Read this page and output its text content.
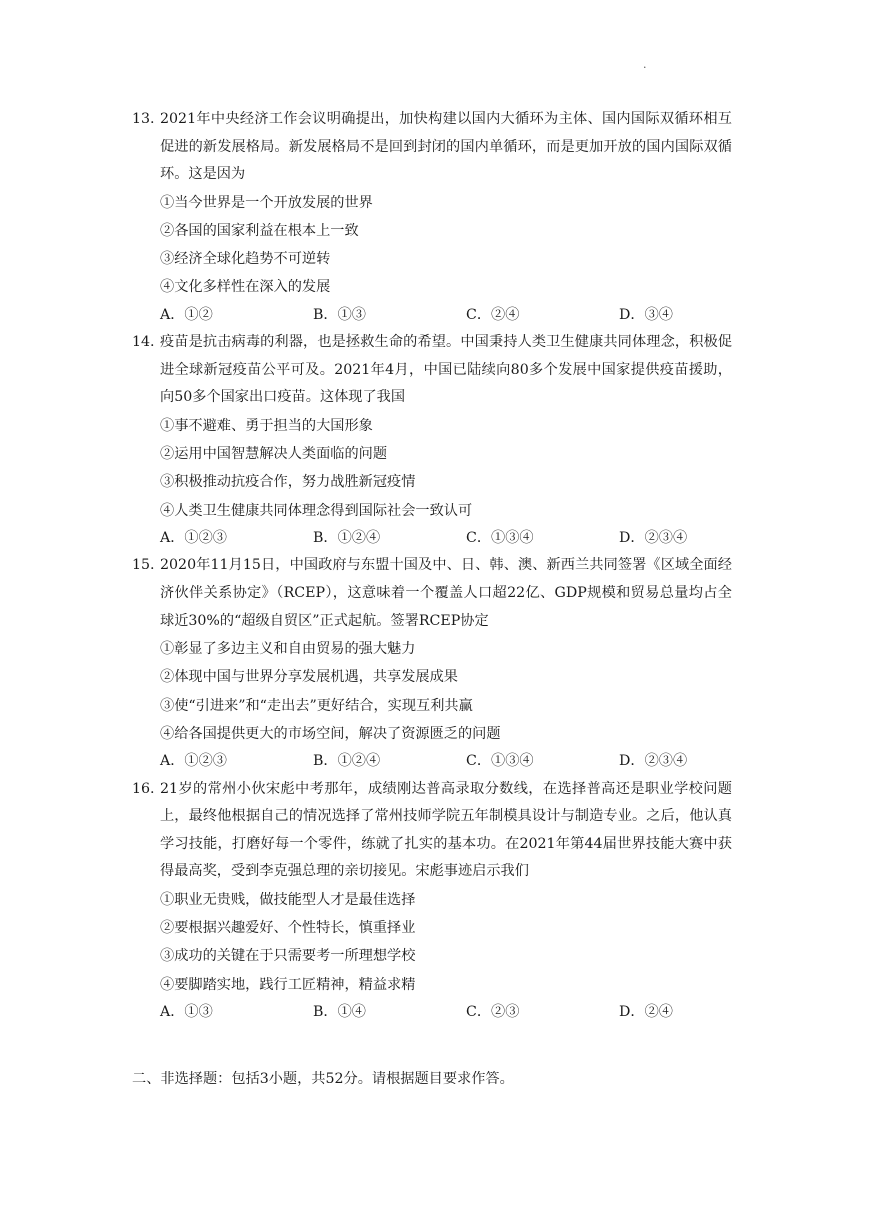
.
13. 2021年中央经济工作会议明确提出，加快构建以国内大循环为主体、国内国际双循环相互促进的新发展格局。新发展格局不是回到封闭的国内单循环，而是更加开放的国内国际双循环。这是因为
①当今世界是一个开放发展的世界
②各国的国家利益在根本上一致
③经济全球化趋势不可逆转
④文化多样性在深入的发展
A．①②	B．①③	C．②④	D．③④
14. 疫苗是抗击病毒的利器，也是拯救生命的希望。中国秉持人类卫生健康共同体理念，积极促进全球新冠疫苗公平可及。2021年4月，中国已陆续向80多个发展中国家提供疫苗援助，向50多个国家出口疫苗。这体现了我国
①事不避难、勇于担当的大国形象
②运用中国智慧解决人类面临的问题
③积极推动抗疫合作，努力战胜新冠疫情
④人类卫生健康共同体理念得到国际社会一致认可
A．①②③	B．①②④	C．①③④	D．②③④
15. 2020年11月15日，中国政府与东盟十国及中、日、韩、澳、新西兰共同签署《区域全面经济伙伴关系协定》（RCEP），这意味着一个覆盖人口超22亿、GDP规模和贸易总量均占全球近30%的“超级自贸区”正式起航。签署RCEP协定
①彰显了多边主义和自由贸易的强大魅力
②体现中国与世界分享发展机遇，共享发展成果
③使“引进来”和“走出去”更好结合，实现互利共赢
④给各国提供更大的市场空间，解决了资源匮乏的问题
A．①②③	B．①②④	C．①③④	D．②③④
16. 21岁的常州小伙宋彪中考那年，成绩刚达普高录取分数线，在选择普高还是职业学校问题上，最终他根据自己的情况选择了常州技师学院五年制模具设计与制造专业。之后，他认真学习技能，打磨好每一个零件，练就了扎实的基本功。在2021年第44届世界技能大赛中获得最高奖，受到李克强总理的亲切接见。宋彪事迹启示我们
①职业无贵贱，做技能型人才是最佳选择
②要根据兴趣爱好、个性特长，慎重择业
③成功的关键在于只需要考一所理想学校
④要脚踏实地，践行工匠精神，精益求精
A．①③	B．①④	C．②③	D．②④
二、非选择题：包括3小题，共52分。请根据题目要求作答。
